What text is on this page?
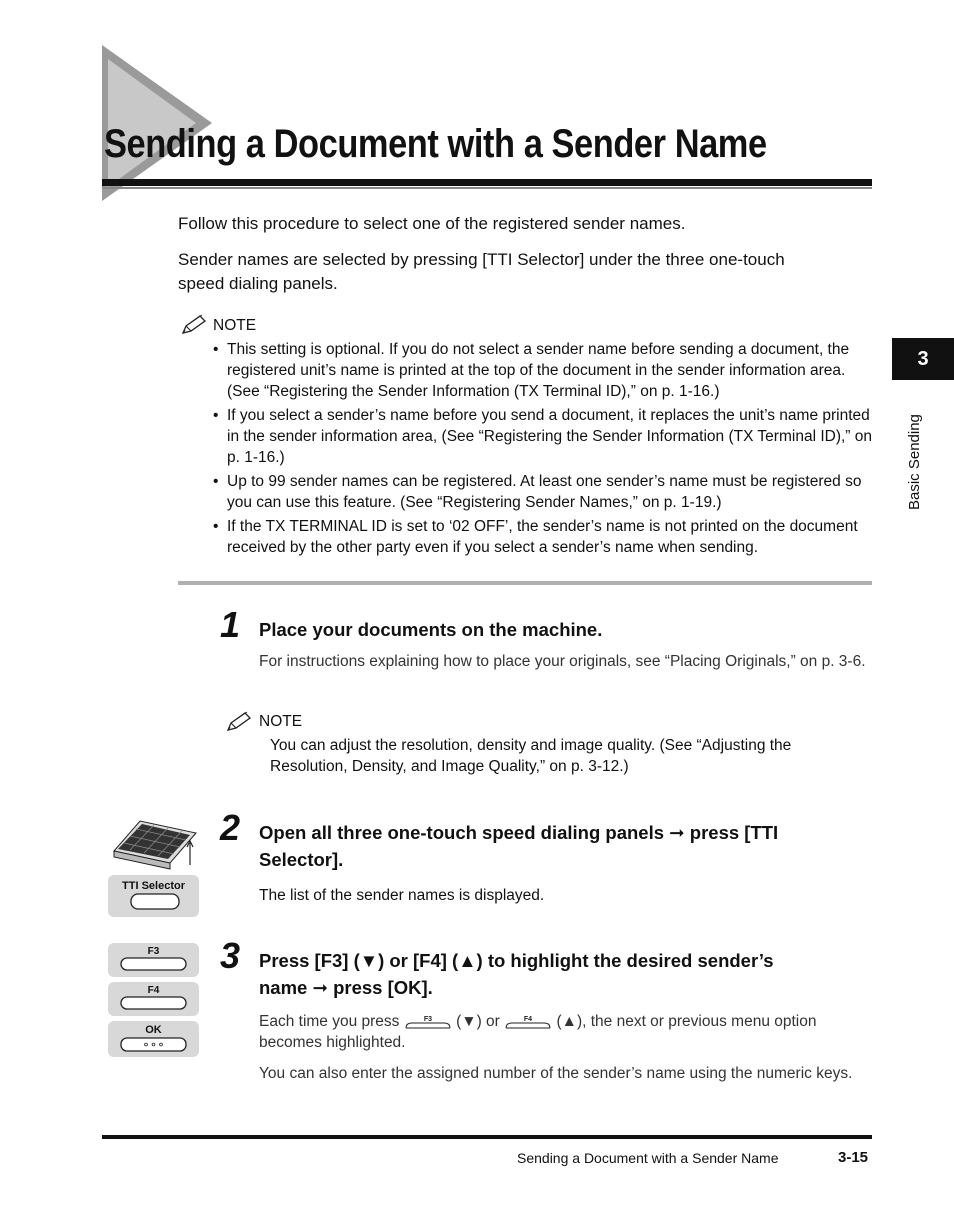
Sending a Document with a Sender Name
Follow this procedure to select one of the registered sender names.
Sender names are selected by pressing [TTI Selector] under the three one-touch
speed dialing panels.
NOTE
• This setting is optional. If you do not select a sender name before sending a document, the registered unit’s name is printed at the top of the document in the sender information area. (See “Registering the Sender Information (TX Terminal ID),” on p. 1-16.)
• If you select a sender’s name before you send a document, it replaces the unit’s name printed in the sender information area, (See “Registering the Sender Information (TX Terminal ID),” on p. 1-16.)
• Up to 99 sender names can be registered. At least one sender’s name must be registered so you can use this feature. (See “Registering Sender Names,” on p. 1-19.)
• If the TX TERMINAL ID is set to ‘02 OFF’, the sender’s name is not printed on the document received by the other party even if you select a sender’s name when sending.
1 Place your documents on the machine.
For instructions explaining how to place your originals, see “Placing Originals,” on p. 3-6.
NOTE
You can adjust the resolution, density and image quality. (See “Adjusting the Resolution, Density, and Image Quality,” on p. 3-12.)
TTI Selector
2 Open all three one-touch speed dialing panels ➞ press [TTI
Selector].
The list of the sender names is displayed.
F3
F4
OK
3 Press [F3] (▼) or [F4] (▲) to highlight the desired sender’s
name ➞ press [OK].
Each time you press	F3 (▼) or	F4 (▲), the next or previous menu option
becomes highlighted.
You can also enter the assigned number of the sender’s name using the numeric keys.
3
Basic Sending
Sending a Document with a Sender Name	3-15
